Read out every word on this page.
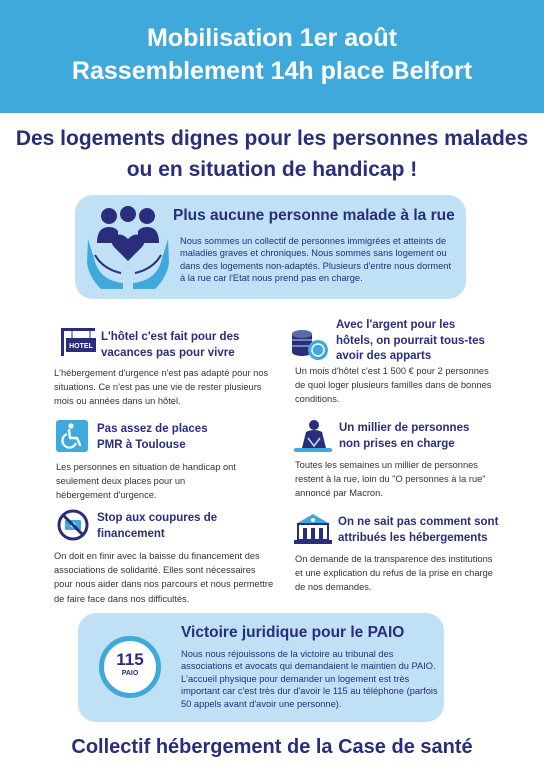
Mobilisation 1er août
Rassemblement 14h place Belfort
Des logements dignes pour les personnes malades
ou en situation de handicap !
Plus aucune personne malade à la rue
Nous sommes un collectif de personnes immigrées et atteints de maladies graves et chroniques. Nous sommes sans logement ou dans des logements non-adaptés. Plusieurs d'entre nous dorment à la rue car l'Etat nous prend pas en charge.
HOTEL
L'hôtel c'est fait pour des vacances pas pour vivre
L'hébergement d'urgence n'est pas adapté pour nos situations. Ce n'est pas une vie de rester plusieurs mois ou années dans un hôtel.
Avec l'argent pour les hôtels, on pourrait tous-tes avoir des apparts
Un mois d'hôtel c'est 1 500 € pour 2 personnes de quoi loger plusieurs familles dans de bonnes conditions.
Pas assez de places PMR à Toulouse
Les personnes en situation de handicap ont seulement deux places pour un hébergement d'urgence.
Un millier de personnes non prises en charge
Toutes les semaines un millier de personnes restent à la rue, loin du "O personnes à la rue" annoncé par Macron.
Stop aux coupures de financement
On doit en finir avec la baisse du financement des associations de solidarité. Elles sont nécessaires pour nous aider dans nos parcours et nous permettre de faire face dans nos difficultés.
On ne sait pas comment sont attribués les hébergements
On demande de la transparence des institutions et une explication du refus de la prise en charge de nos demandes.
115
PAIO
Victoire juridique pour le PAIO
Nous nous réjouissons de la victoire au tribunal des associations et avocats qui demandaient le maintien du PAIO. L'accueil physique pour demander un logement est très important car c'est très dur d'avoir le 115 au téléphone (parfois 50 appels avant d'avoir une personne).
Collectif hébergement de la Case de santé
